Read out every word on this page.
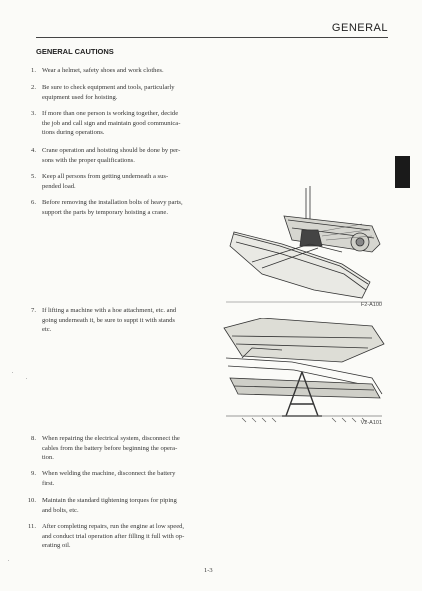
GENERAL
GENERAL CAUTIONS
1. Wear a helmet, safety shoes and work clothes.
2. Be sure to check equipment and tools, particularly
equipment used for hoisting.
3. If more than one person is working together, decide
the job and call sign and maintain good communica-
tions during operations.
4. Crane operation and hoisting should be done by per-
sons with the proper qualifications.
5. Keep all persons from getting underneath a sus-
pended load.
6. Before removing the installation bolts of heavy parts,
support the parts by temporary hoisting a crane.
7. If lifting a machine with a hoe attachment, etc. and
going underneath it, be sure to suppt it with stands
etc.
8. When repairing the electrical system, disconnect the
cables from the battery before beginning the opera-
tion.
9. When welding the machine, disconnect the battery
first.
10. Maintain the standard tightening torques for piping
and bolts, etc.
11. After completing repairs, run the engine at low speed,
and conduct trial operation after filling it full with op-
erating oil.
F2-A100
V2-A101
1-3
